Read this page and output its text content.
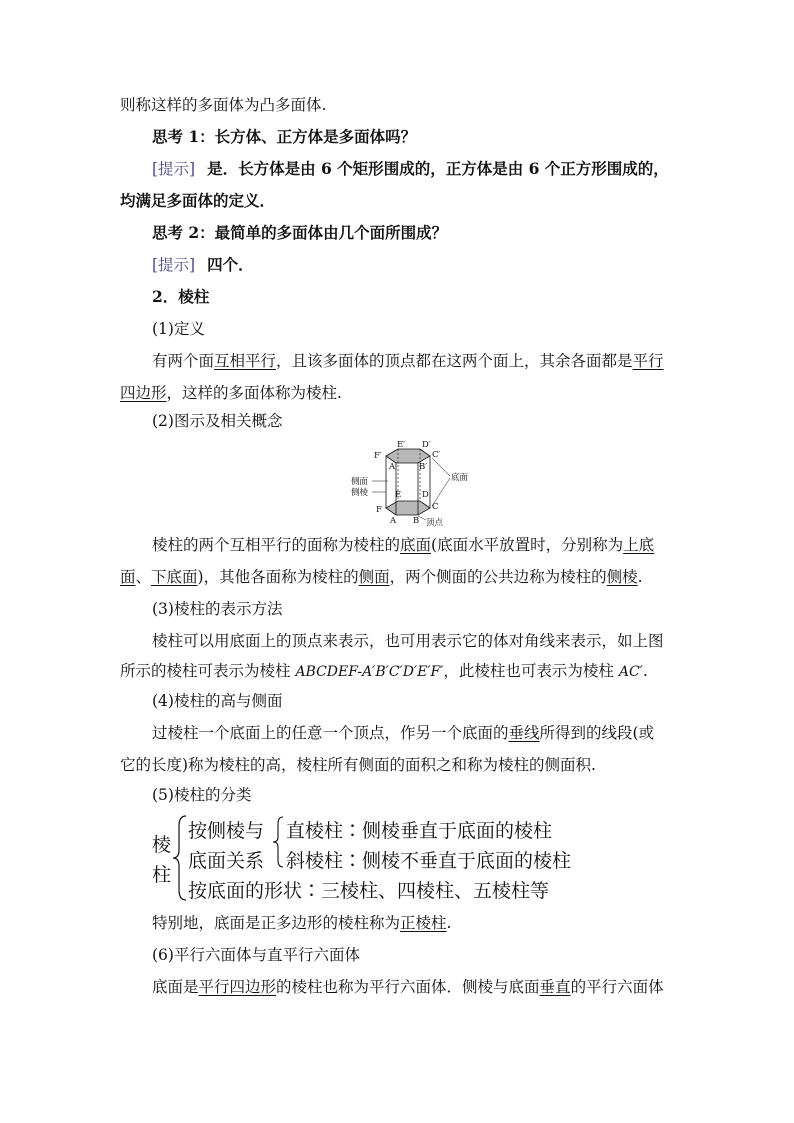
则称这样的多面体为凸多面体.
思考 1：长方体、正方体是多面体吗？
[提示] 是．长方体是由 6 个矩形围成的，正方体是由 6 个正方形围成的，
均满足多面体的定义．
思考 2：最简单的多面体由几个面所围成？
[提示] 四个．
2．棱柱
(1)定义
有两个面互相平行，且该多面体的顶点都在这两个面上，其余各面都是平行
四边形，这样的多面体称为棱柱.
(2)图示及相关概念
E′ D′
F′	C′
A′	B′
E D
F	C
A B
侧面
侧棱
底面
顶点
棱柱的两个互相平行的面称为棱柱的底面(底面水平放置时，分别称为上底
面、下底面)，其他各面称为棱柱的侧面，两个侧面的公共边称为棱柱的侧棱.
(3)棱柱的表示方法
棱柱可以用底面上的顶点来表示，也可用表示它的体对角线来表示，如上图
所示的棱柱可表示为棱柱 ABCDEF-A′B′C′D′E′F′，此棱柱也可表示为棱柱 AC′.
(4)棱柱的高与侧面
过棱柱一个底面上的任意一个顶点，作另一个底面的垂线所得到的线段(或
它的长度)称为棱柱的高，棱柱所有侧面的面积之和称为棱柱的侧面积.
(5)棱柱的分类
棱
柱
按侧棱与
底面关系
直棱柱∶侧棱垂直于底面的棱柱
斜棱柱∶侧棱不垂直于底面的棱柱
按底面的形状∶三棱柱、四棱柱、五棱柱等
特别地，底面是正多边形的棱柱称为正棱柱.
(6)平行六面体与直平行六面体
底面是平行四边形的棱柱也称为平行六面体．侧棱与底面垂直的平行六面体
